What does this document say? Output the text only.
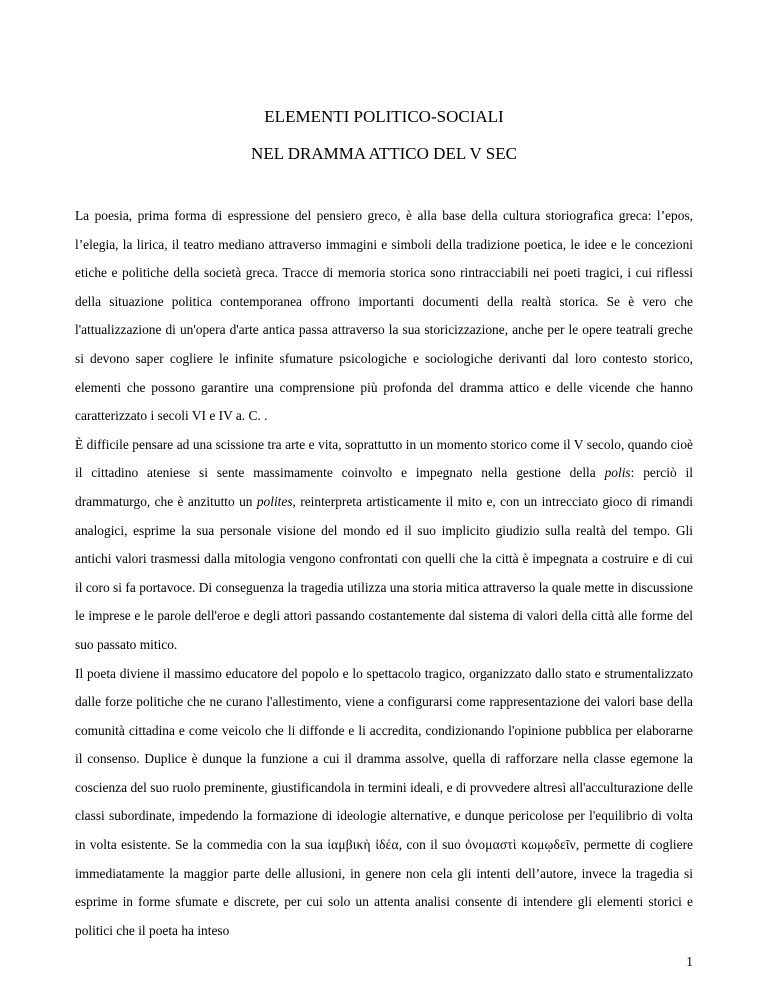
ELEMENTI POLITICO-SOCIALI
NEL DRAMMA ATTICO DEL V SEC

La poesia, prima forma di espressione del pensiero greco, è alla base della cultura storiografica greca: l’epos, l’elegia, la lirica, il teatro mediano attraverso immagini e simboli della tradizione poetica, le idee e le concezioni etiche e politiche della società greca. Tracce di memoria storica sono rintracciabili nei poeti tragici, i cui riflessi della situazione politica contemporanea offrono importanti documenti della realtà storica. Se è vero che l'attualizzazione di un'opera d'arte antica passa attraverso la sua storicizzazione, anche per le opere teatrali greche si devono saper cogliere le infinite sfumature psicologiche e sociologiche derivanti dal loro contesto storico, elementi che possono garantire una comprensione più profonda del dramma attico e delle vicende che hanno caratterizzato i secoli VI e IV a. C. .

È difficile pensare ad una scissione tra arte e vita, soprattutto in un momento storico come il V secolo, quando cioè il cittadino ateniese si sente massimamente coinvolto e impegnato nella gestione della polis: perciò il drammaturgo, che è anzitutto un polites, reinterpreta artisticamente il mito e, con un intrecciato gioco di rimandi analogici, esprime la sua personale visione del mondo ed il suo implicito giudizio sulla realtà del tempo. Gli antichi valori trasmessi dalla mitologia vengono confrontati con quelli che la città è impegnata a costruire e di cui il coro si fa portavoce. Di conseguenza la tragedia utilizza una storia mitica attraverso la quale mette in discussione le imprese e le parole dell'eroe e degli attori passando costantemente dal sistema di valori della città alle forme del suo passato mitico.

Il poeta diviene il massimo educatore del popolo e lo spettacolo tragico, organizzato dallo stato e strumentalizzato dalle forze politiche che ne curano l'allestimento, viene a configurarsi come rappresentazione dei valori base della comunità cittadina e come veicolo che li diffonde e li accredita, condizionando l'opinione pubblica per elaborarne il consenso. Duplice è dunque la funzione a cui il dramma assolve, quella di rafforzare nella classe egemone la coscienza del suo ruolo preminente, giustificandola in termini ideali, e di provvedere altresì all'acculturazione delle classi subordinate, impedendo la formazione di ideologie alternative, e dunque pericolose per l'equilibrio di volta in volta esistente. Se la commedia con la sua ἰαμβικὴ ἰδέα, con il suo ὀνομαστὶ κωμῳδεῖν, permette di cogliere immediatamente la maggior parte delle allusioni, in genere non cela gli intenti dell’autore, invece la tragedia si esprime in forme sfumate e discrete, per cui solo un attenta analisi consente di intendere gli elementi storici e politici che il poeta ha inteso

1
